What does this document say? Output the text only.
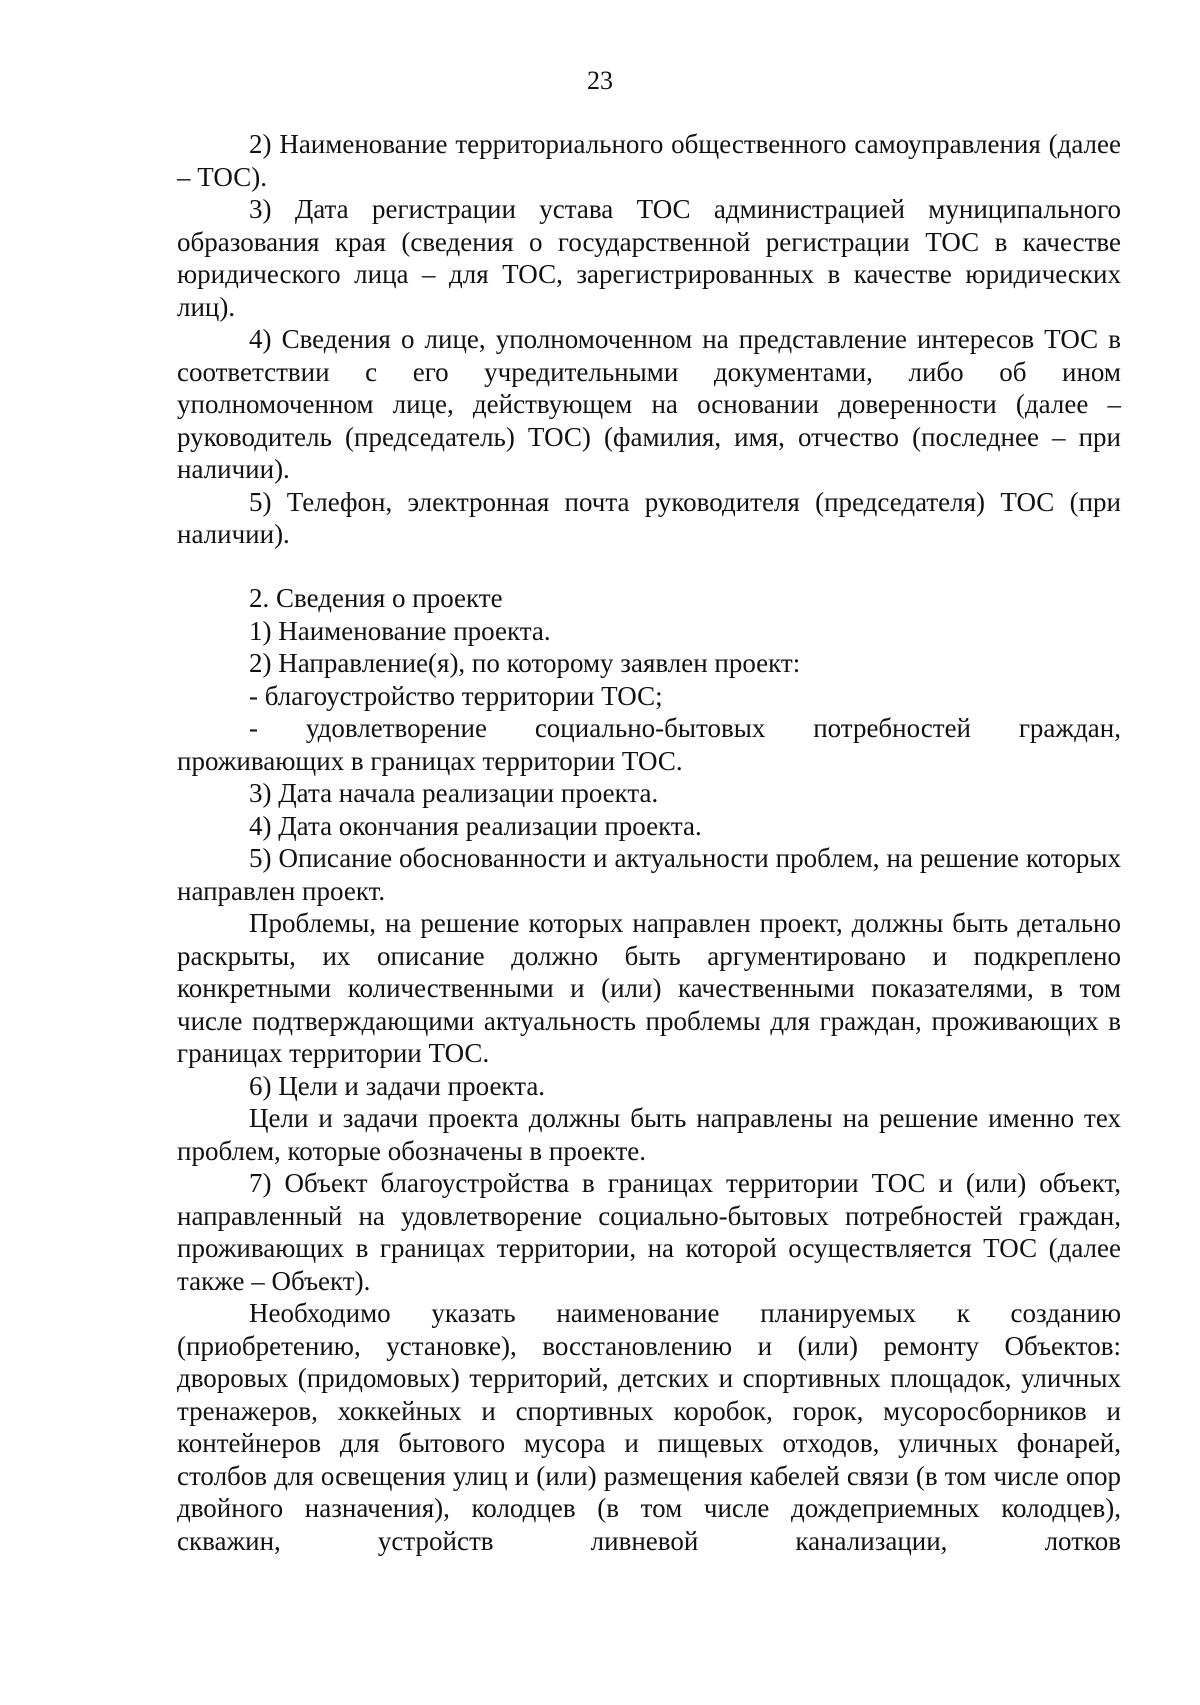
23

2) Наименование территориального общественного самоуправления (далее – ТОС).

3) Дата регистрации устава ТОС администрацией муниципального образования края (сведения о государственной регистрации ТОС в качестве юридического лица – для ТОС, зарегистрированных в качестве юридических лиц).

4) Сведения о лице, уполномоченном на представление интересов ТОС в соответствии с его учредительными документами, либо об ином уполномоченном лице, действующем на основании доверенности (далее – руководитель (председатель) ТОС) (фамилия, имя, отчество (последнее – при наличии).

5) Телефон, электронная почта руководителя (председателя) ТОС (при наличии).

2. Сведения о проекте

1) Наименование проекта.

2) Направление(я), по которому заявлен проект:

- благоустройство территории ТОС;

- удовлетворение социально-бытовых потребностей граждан, проживающих в границах территории ТОС.

3) Дата начала реализации проекта.

4) Дата окончания реализации проекта.

5) Описание обоснованности и актуальности проблем, на решение которых направлен проект.

Проблемы, на решение которых направлен проект, должны быть детально раскрыты, их описание должно быть аргументировано и подкреплено конкретными количественными и (или) качественными показателями, в том числе подтверждающими актуальность проблемы для граждан, проживающих в границах территории ТОС.

6) Цели и задачи проекта.

Цели и задачи проекта должны быть направлены на решение именно тех проблем, которые обозначены в проекте.

7) Объект благоустройства в границах территории ТОС и (или) объект, направленный на удовлетворение социально-бытовых потребностей граждан, проживающих в границах территории, на которой осуществляется ТОС (далее также – Объект).

Необходимо указать наименование планируемых к созданию (приобретению, установке), восстановлению и (или) ремонту Объектов: дворовых (придомовых) территорий, детских и спортивных площадок, уличных тренажеров, хоккейных и спортивных коробок, горок, мусоросборников и контейнеров для бытового мусора и пищевых отходов, уличных фонарей, столбов для освещения улиц и (или) размещения кабелей связи (в том числе опор двойного назначения), колодцев (в том числе дождеприемных колодцев), скважин, устройств ливневой канализации, лотков
